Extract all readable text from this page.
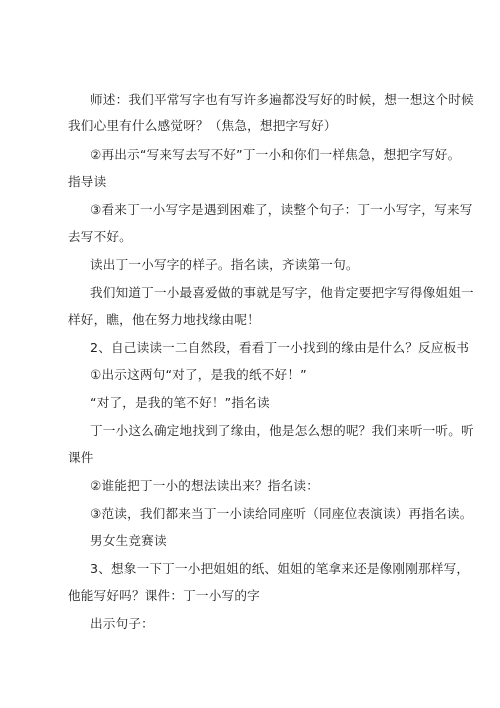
师述：我们平常写字也有写许多遍都没写好的时候，想一想这个时候
我们心里有什么感觉呀？（焦急，想把字写好）
②再出示“写来写去写不好”丁一小和你们一样焦急，想把字写好。
指导读
③看来丁一小写字是遇到困难了，读整个句子：丁一小写字，写来写
去写不好。
读出丁一小写字的样子。指名读，齐读第一句。
我们知道丁一小最喜爱做的事就是写字，他肯定要把字写得像姐姐一
样好，瞧，他在努力地找缘由呢！
2、自己读读一二自然段，看看丁一小找到的缘由是什么？反应板书
①出示这两句“对了，是我的纸不好！”
“对了，是我的笔不好！”指名读
丁一小这么确定地找到了缘由，他是怎么想的呢？我们来听一听。听
课件
②谁能把丁一小的想法读出来？指名读：
③范读，我们都来当丁一小读给同座听（同座位表演读）再指名读。
男女生竞赛读
3、想象一下丁一小把姐姐的纸、姐姐的笔拿来还是像刚刚那样写，
他能写好吗？课件：丁一小写的字
出示句子：
